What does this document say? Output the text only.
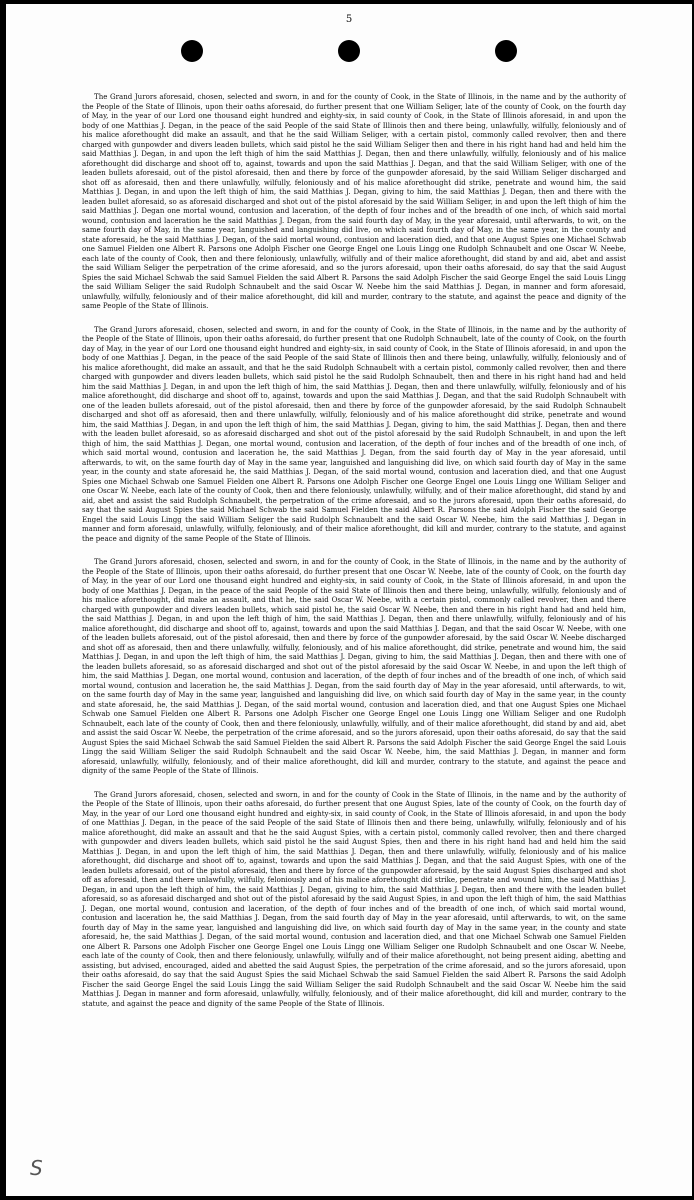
5

The Grand Jurors aforesaid, chosen, selected and sworn, in and for the county of Cook, in the State of Illinois, in the name and by the authority of the People of the State of Illinois, upon their oaths aforesaid, do further present that one William Seliger, late of the county of Cook, on the fourth day of May, in the year of our Lord one thousand eight hundred and eighty-six, in said county of Cook, in the State of Illinois aforesaid, in and upon the body of one Matthias J. Degan, in the peace of the said People of the said State of Illinois then and there being, unlawfully, wilfully, feloniously and of his malice aforethought did make an assault, and that he the said William Seliger, with a certain pistol, commonly called revolver, then and there charged with gunpowder and divers leaden bullets, which said pistol he the said William Seliger then and there in his right hand had and held him the said Matthias J. Degan, in and upon the left thigh of him the said Matthias J. Degan, then and there unlawfully, wilfully, feloniously and of his malice aforethought did discharge and shoot off to, against, towards and upon the said Matthias J. Degan, and that the said William Seliger, with one of the leaden bullets aforesaid, out of the pistol aforesaid, then and there by force of the gunpowder aforesaid, by the said William Seliger discharged and shot off as aforesaid, then and there unlawfully, wilfully, feloniously and of his malice aforethought did strike, penetrate and wound him, the said Matthias J. Degan, in and upon the left thigh of him, the said Matthias J. Degan, giving to him, the said Matthias J. Degan, then and there with the leaden bullet aforesaid, so as aforesaid discharged and shot out of the pistol aforesaid by the said William Seliger, in and upon the left thigh of him the said Matthias J. Degan one mortal wound, contusion and laceration, of the depth of four inches and of the breadth of one inch, of which said mortal wound, contusion and laceration he the said Matthias J. Degan, from the said fourth day of May, in the year aforesaid, until afterwards, to wit, on the same fourth day of May, in the same year, languished and languishing did live, on which said fourth day of May, in the same year, in the county and state aforesaid, he the said Matthias J. Degan, of the said mortal wound, contusion and laceration died, and that one August Spies one Michael Schwab one Samuel Fielden one Albert R. Parsons one Adolph Fischer one George Engel one Louis Lingg one Rudolph Schnaubelt and one Oscar W. Neebe, each late of the county of Cook, then and there feloniously, unlawfully, wilfully and of their malice aforethought, did stand by and aid, abet and assist the said William Seliger the perpetration of the crime aforesaid, and so the jurors aforesaid, upon their oaths aforesaid, do say that the said August Spies the said Michael Schwab the said Samuel Fielden the said Albert R. Parsons the said Adolph Fischer the said George Engel the said Louis Lingg the said William Seliger the said Rudolph Schnaubelt and the said Oscar W. Neebe him the said Matthias J. Degan, in manner and form aforesaid, unlawfully, wilfully, feloniously and of their malice aforethought, did kill and murder, contrary to the statute, and against the peace and dignity of the same People of the State of Illinois.

The Grand Jurors aforesaid, chosen, selected and sworn, in and for the county of Cook, in the State of Illinois, in the name and by the authority of the People of the State of Illinois, upon their oaths aforesaid, do further present that one Rudolph Schnaubelt, late of the county of Cook, on the fourth day of May, in the year of our Lord one thousand eight hundred and eighty-six, in said county of Cook, in the State of Illinois aforesaid, in and upon the body of one Matthias J. Degan, in the peace of the said People of the said State of Illinois then and there being, unlawfully, wilfully, feloniously and of his malice aforethought, did make an assault, and that he the said Rudolph Schnaubelt with a certain pistol, commonly called revolver, then and there charged with gunpowder and divers leaden bullets, which said pistol he the said Rudolph Schnaubelt, then and there in his right hand had and held him the said Matthias J. Degan, in and upon the left thigh of him, the said Matthias J. Degan, then and there unlawfully, wilfully, feloniously and of his malice aforethought, did discharge and shoot off to, against, towards and upon the said Matthias J. Degan, and that the said Rudolph Schnaubelt with one of the leaden bullets aforesaid, out of the pistol aforesaid, then and there by force of the gunpowder aforesaid, by the said Rudolph Schnaubelt discharged and shot off as aforesaid, then and there unlawfully, wilfully, feloniously and of his malice aforethought did strike, penetrate and wound him, the said Matthias J. Degan, in and upon the left thigh of him, the said Matthias J. Degan, giving to him, the said Matthias J. Degan, then and there with the leaden bullet aforesaid, so as aforesaid discharged and shot out of the pistol aforesaid by the said Rudolph Schnaubelt, in and upon the left thigh of him, the said Matthias J. Degan, one mortal wound, contusion and laceration, of the depth of four inches and of the breadth of one inch, of which said mortal wound, contusion and laceration he, the said Matthias J. Degan, from the said fourth day of May in the year aforesaid, until afterwards, to wit, on the same fourth day of May in the same year, languished and languishing did live, on which said fourth day of May in the same year, in the county and state aforesaid he, the said Matthias J. Degan, of the said mortal wound, contusion and laceration died, and that one August Spies one Michael Schwab one Samuel Fielden one Albert R. Parsons one Adolph Fischer one George Engel one Louis Lingg one William Seliger and one Oscar W. Neebe, each late of the county of Cook, then and there feloniously, unlawfully, wilfully, and of their malice aforethought, did stand by and aid, abet and assist the said Rudolph Schnaubelt, the perpetration of the crime aforesaid, and so the jurors aforesaid, upon their oaths aforesaid, do say that the said August Spies the said Michael Schwab the said Samuel Fielden the said Albert R. Parsons the said Adolph Fischer the said George Engel the said Louis Lingg the said William Seliger the said Rudolph Schnaubelt and the said Oscar W. Neebe, him the said Matthias J. Degan in manner and form aforesaid, unlawfully, wilfully, feloniously, and of their malice aforethought, did kill and murder, contrary to the statute, and against the peace and dignity of the same People of the State of Illinois.

The Grand Jurors aforesaid, chosen, selected and sworn, in and for the county of Cook, in the State of Illinois, in the name and by the authority of the People of the State of Illinois, upon their oaths aforesaid, do further present that one Oscar W. Neebe, late of the county of Cook, on the fourth day of May, in the year of our Lord one thousand eight hundred and eighty-six, in said county of Cook, in the State of Illinois aforesaid, in and upon the body of one Matthias J. Degan, in the peace of the said People of the said State of Illinois then and there being, unlawfully, wilfully, feloniously and of his malice aforethought, did make an assault, and that he, the said Oscar W. Neebe, with a certain pistol, commonly called revolver, then and there charged with gunpowder and divers leaden bullets, which said pistol he, the said Oscar W. Neebe, then and there in his right hand had and held him, the said Matthias J. Degan, in and upon the left thigh of him, the said Matthias J. Degan, then and there unlawfully, wilfully, feloniously and of his malice aforethought, did discharge and shoot off to, against, towards and upon the said Matthias J. Degan, and that the said Oscar W. Neebe, with one of the leaden bullets aforesaid, out of the pistol aforesaid, then and there by force of the gunpowder aforesaid, by the said Oscar W. Neebe discharged and shot off as aforesaid, then and there unlawfully, wilfully, feloniously, and of his malice aforethought, did strike, penetrate and wound him, the said Matthias J. Degan, in and upon the left thigh of him, the said Matthias J. Degan, giving to him, the said Matthias J. Degan, then and there with one of the leaden bullets aforesaid, so as aforesaid discharged and shot out of the pistol aforesaid by the said Oscar W. Neebe, in and upon the left thigh of him, the said Matthias J. Degan, one mortal wound, contusion and laceration, of the depth of four inches and of the breadth of one inch, of which said mortal wound, contusion and laceration he, the said Matthias J. Degan, from the said fourth day of May in the year aforesaid, until afterwards, to wit, on the same fourth day of May in the same year, languished and languishing did live, on which said fourth day of May in the same year, in the county and state aforesaid, he, the said Matthias J. Degan, of the said mortal wound, contusion and laceration died, and that one August Spies one Michael Schwab one Samuel Fielden one Albert R. Parsons one Adolph Fischer one George Engel one Louis Lingg one William Seliger and one Rudolph Schnaubelt, each late of the county of Cook, then and there feloniously, unlawfully, wilfully, and of their malice aforethought, did stand by and aid, abet and assist the said Oscar W. Neebe, the perpetration of the crime aforesaid, and so the jurors aforesaid, upon their oaths aforesaid, do say that the said August Spies the said Michael Schwab the said Samuel Fielden the said Albert R. Parsons the said Adolph Fischer the said George Engel the said Louis Lingg the said William Seliger the said Rudolph Schnaubelt and the said Oscar W. Neebe, him, the said Matthias J. Degan, in manner and form aforesaid, unlawfully, wilfully, feloniously, and of their malice aforethought, did kill and murder, contrary to the statute, and against the peace and dignity of the same People of the State of Illinois.

The Grand Jurors aforesaid, chosen, selected and sworn, in and for the county of Cook in the State of Illinois, in the name and by the authority of the People of the State of Illinois, upon their oaths aforesaid, do further present that one August Spies, late of the county of Cook, on the fourth day of May, in the year of our Lord one thousand eight hundred and eighty-six, in said county of Cook, in the State of Illinois aforesaid, in and upon the body of one Matthias J. Degan, in the peace of the said People of the said State of Illinois then and there being, unlawfully, wilfully, feloniously and of his malice aforethought, did make an assault and that he the said August Spies, with a certain pistol, commonly called revolver, then and there charged with gunpowder and divers leaden bullets, which said pistol he the said August Spies, then and there in his right hand had and held him the said Matthias J. Degan, in and upon the left thigh of him, the said Matthias J. Degan, then and there unlawfully, wilfully, feloniously and of his malice aforethought, did discharge and shoot off to, against, towards and upon the said Matthias J. Degan, and that the said August Spies, with one of the leaden bullets aforesaid, out of the pistol aforesaid, then and there by force of the gunpowder aforesaid, by the said August Spies discharged and shot off as aforesaid, then and there unlawfully, wilfully, feloniously and of his malice aforethought did strike, penetrate and wound him, the said Matthias J. Degan, in and upon the left thigh of him, the said Matthias J. Degan, giving to him, the said Matthias J. Degan, then and there with the leaden bullet aforesaid, so as aforesaid discharged and shot out of the pistol aforesaid by the said August Spies, in and upon the left thigh of him, the said Matthias J. Degan, one mortal wound, contusion and laceration, of the depth of four inches and of the breadth of one inch, of which said mortal wound, contusion and laceration he, the said Matthias J. Degan, from the said fourth day of May in the year aforesaid, until afterwards, to wit, on the same fourth day of May in the same year, languished and languishing did live, on which said fourth day of May in the same year, in the county and state aforesaid, he, the said Matthias J. Degan, of the said mortal wound, contusion and laceration died, and that one Michael Schwab one Samuel Fielden one Albert R. Parsons one Adolph Fischer one George Engel one Louis Lingg one William Seliger one Rudolph Schnaubelt and one Oscar W. Neebe, each late of the county of Cook, then and there feloniously, unlawfully, wilfully and of their malice aforethought, not being present aiding, abetting and assisting, but advised, encouraged, aided and abetted the said August Spies, the perpetration of the crime aforesaid, and so the jurors aforesaid, upon their oaths aforesaid, do say that the said August Spies the said Michael Schwab the said Samuel Fielden the said Albert R. Parsons the said Adolph Fischer the said George Engel the said Louis Lingg the said William Seliger the said Rudolph Schnaubelt and the said Oscar W. Neebe him the said Matthias J. Degan in manner and form aforesaid, unlawfully, wilfully, feloniously, and of their malice aforethought, did kill and murder, contrary to the statute, and against the peace and dignity of the same People of the State of Illinois.

S
